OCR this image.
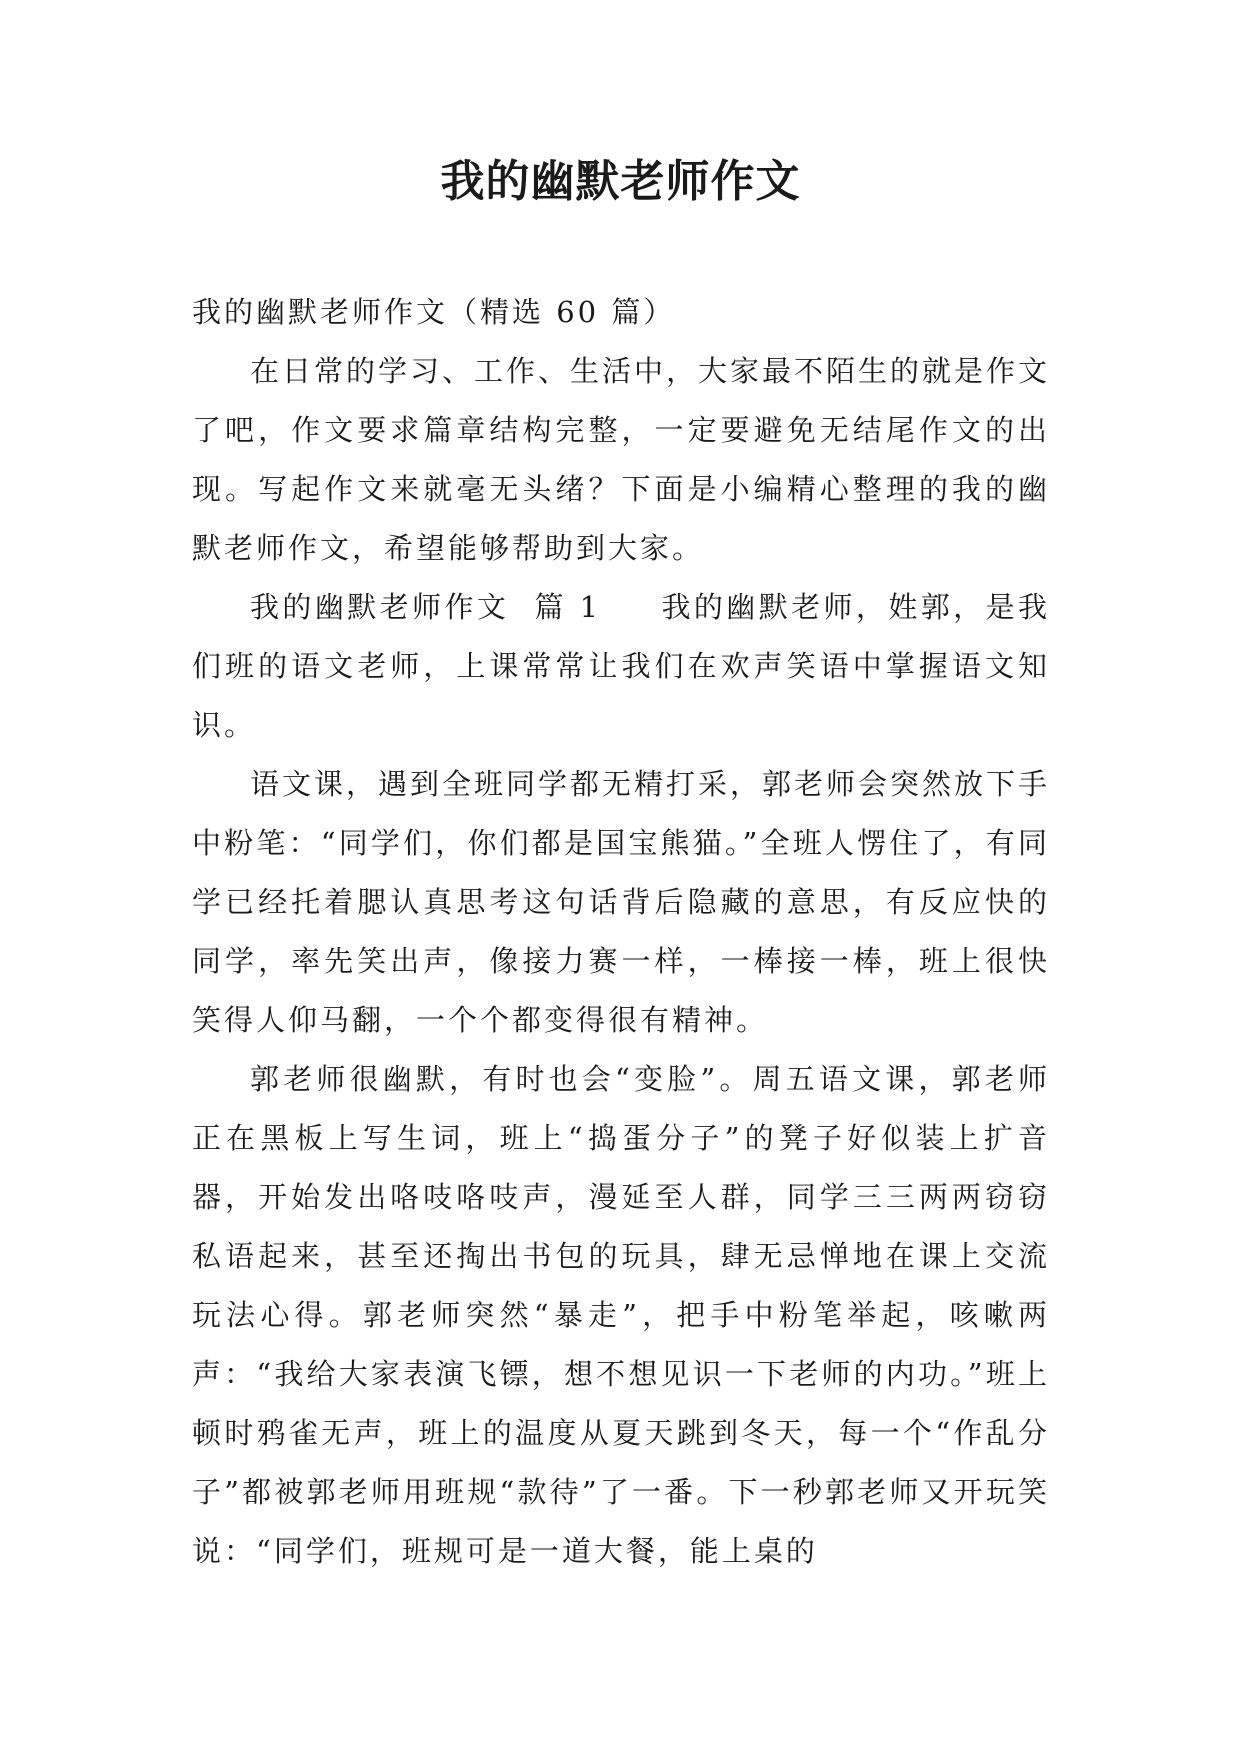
我的幽默老师作文

我的幽默老师作文（精选 60 篇）

在日常的学习、工作、生活中，大家最不陌生的就是作文了吧，作文要求篇章结构完整，一定要避免无结尾作文的出现。写起作文来就毫无头绪？下面是小编精心整理的我的幽默老师作文，希望能够帮助到大家。

我的幽默老师作文  篇 1 我的幽默老师，姓郭，是我们班的语文老师，上课常常让我们在欢声笑语中掌握语文知识。

语文课，遇到全班同学都无精打采，郭老师会突然放下手中粉笔：“同学们，你们都是国宝熊猫。”全班人愣住了，有同学已经托着腮认真思考这句话背后隐藏的意思，有反应快的同学，率先笑出声，像接力赛一样，一棒接一棒，班上很快笑得人仰马翻，一个个都变得很有精神。

郭老师很幽默，有时也会“变脸”。周五语文课，郭老师正在黑板上写生词，班上“捣蛋分子”的凳子好似装上扩音器，开始发出咯吱咯吱声，漫延至人群，同学三三两两窃窃私语起来，甚至还掏出书包的玩具，肆无忌惮地在课上交流玩法心得。郭老师突然“暴走”，把手中粉笔举起，咳嗽两声：“我给大家表演飞镖，想不想见识一下老师的内功。”班上顿时鸦雀无声，班上的温度从夏天跳到冬天，每一个“作乱分子”都被郭老师用班规“款待”了一番。下一秒郭老师又开玩笑说：“同学们，班规可是一道大餐，能上桌的
